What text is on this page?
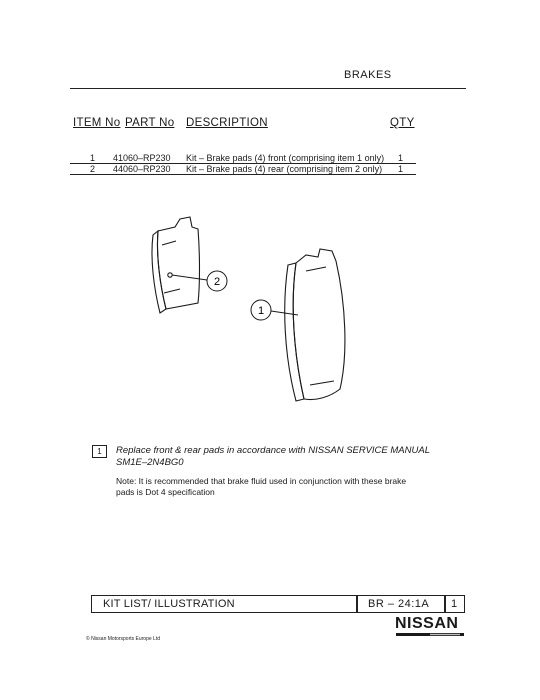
BRAKES
ITEM No PART No DESCRIPTION	QTY
1 41060–RP230 Kit – Brake pads (4) front (comprising item 1 only) 1
2 44060–RP230 Kit – Brake pads (4) rear (comprising item 2 only) 1
2
1
1	Replace front & rear pads in accordance with NISSAN SERVICE MANUAL SM1E–2N4BG0
Note: It is recommended that brake fluid used in conjunction with these brake pads is Dot 4 specification
KIT LIST/ ILLUSTRATION	BR – 24:1A	1
NISSAN
© Nissan Motorsports Europe Ltd
